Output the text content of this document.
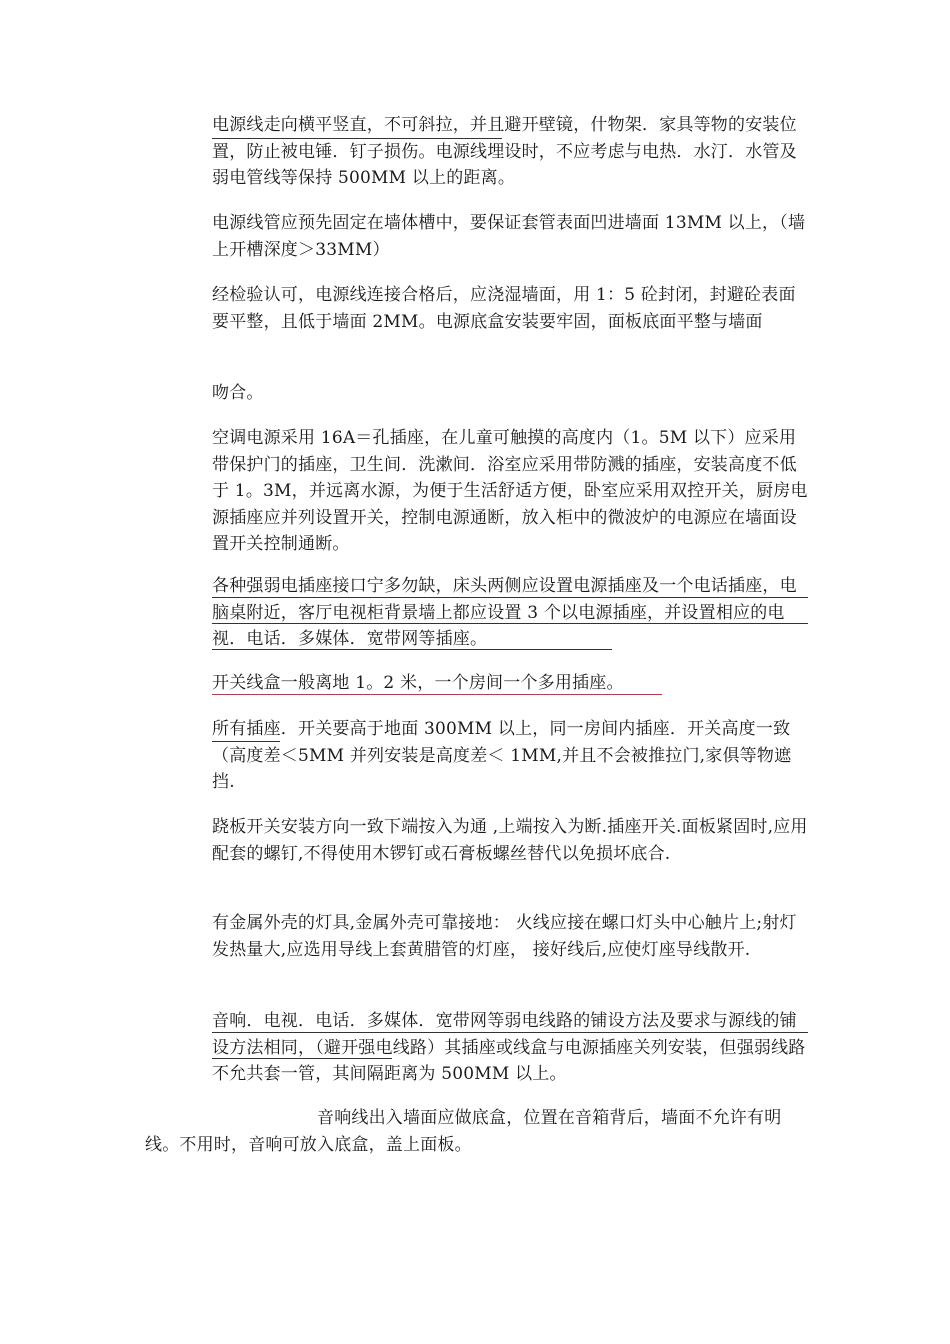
电源线走向横平竖直，不可斜拉，并且避开壁镜，什物架．家具等物的安装位置，防止被电锤．钉子损伤。电源线埋设时，不应考虑与电热．水汀．水管及弱电管线等保持 500MM 以上的距离。

电源线管应预先固定在墙体槽中，要保证套管表面凹进墙面 13MM 以上，（墙上开槽深度＞33MM）

经检验认可，电源线连接合格后，应浇湿墙面，用 1：5 砼封闭，封避砼表面要平整，且低于墙面 2MM。电源底盒安装要牢固，面板底面平整与墙面

吻合。

空调电源采用 16A＝孔插座，在儿童可触摸的高度内（1。5M 以下）应采用带保护门的插座，卫生间．洗漱间．浴室应采用带防溅的插座，安装高度不低于 1。3M，并远离水源，为便于生活舒适方便，卧室应采用双控开关，厨房电源插座应并列设置开关，控制电源通断，放入柜中的微波炉的电源应在墙面设置开关控制通断。

各种强弱电插座接口宁多勿缺，床头两侧应设置电源插座及一个电话插座，电脑桌附近，客厅电视柜背景墙上都应设置 3 个以电源插座，并设置相应的电视．电话．多媒体．宽带网等插座。

开关线盒一般离地 1。2 米，一个房间一个多用插座。

所有插座．开关要高于地面 300MM 以上，同一房间内插座．开关高度一致（高度差＜5MM 并列安装是高度差＜ 1MM,并且不会被推拉门,家俱等物遮挡.

跷板开关安装方向一致下端按入为通 ,上端按入为断.插座开关.面板紧固时,应用配套的螺钉,不得使用木锣钉或石膏板螺丝替代以免损坏底合.

有金属外壳的灯具,金属外壳可靠接地： 火线应接在螺口灯头中心触片上;射灯发热量大,应选用导线上套黄腊管的灯座， 接好线后,应使灯座导线散开.

音响．电视．电话．多媒体．宽带网等弱电线路的铺设方法及要求与源线的铺设方法相同，（避开强电线路）其插座或线盒与电源插座关列安装，但强弱线路不允共套一管，其间隔距离为 500MM 以上。

音响线出入墙面应做底盒，位置在音箱背后，墙面不允许有明线。不用时，音响可放入底盒，盖上面板。
